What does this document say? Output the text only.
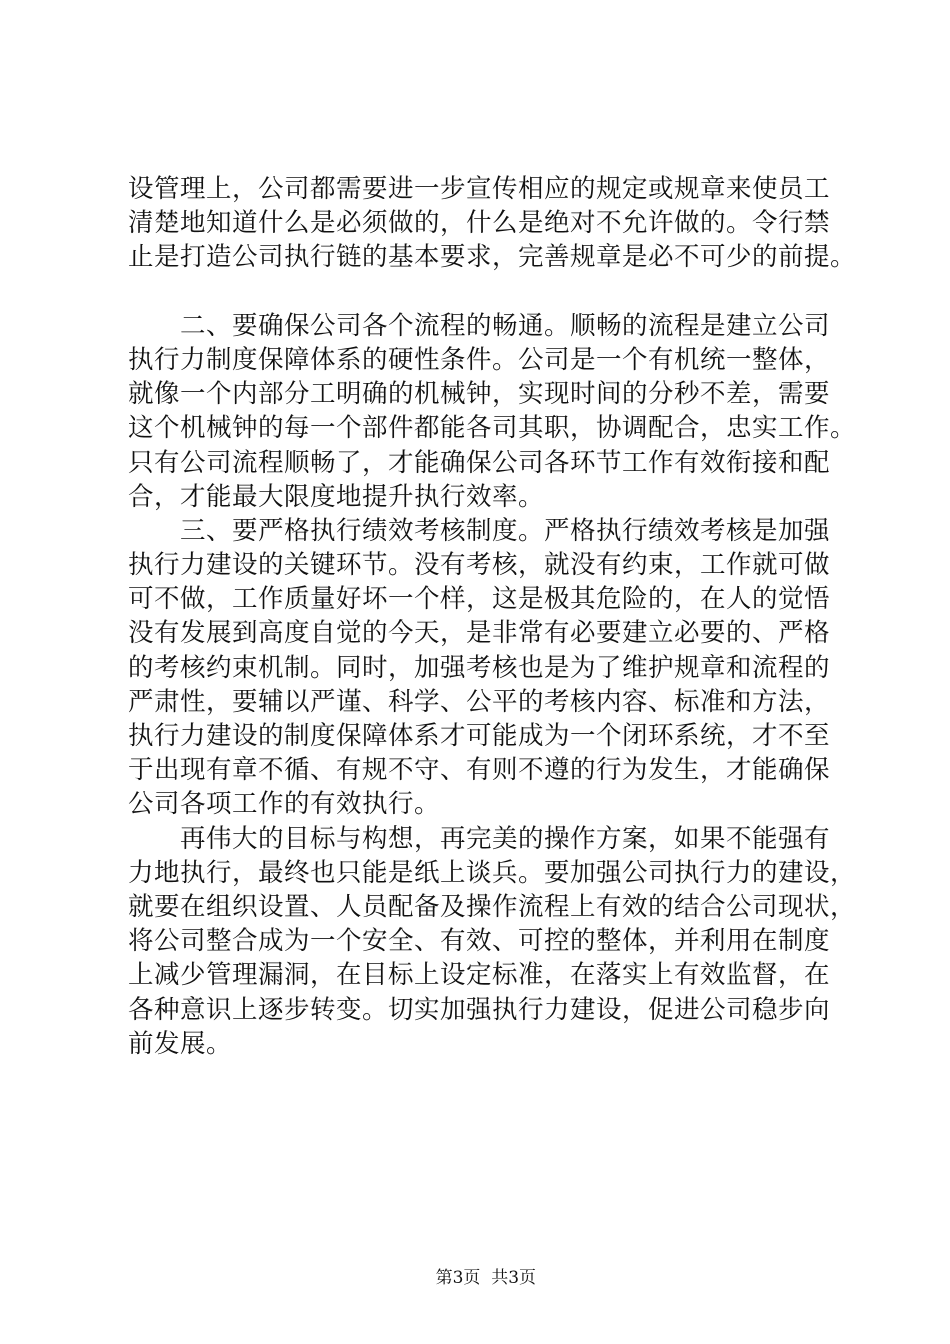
设管理上，公司都需要进一步宣传相应的规定或规章来使员工
清楚地知道什么是必须做的，什么是绝对不允许做的。令行禁
止是打造公司执行链的基本要求，完善规章是必不可少的前提。
　　二、要确保公司各个流程的畅通。顺畅的流程是建立公司
执行力制度保障体系的硬性条件。公司是一个有机统一整体，
就像一个内部分工明确的机械钟，实现时间的分秒不差，需要
这个机械钟的每一个部件都能各司其职，协调配合，忠实工作。
只有公司流程顺畅了，才能确保公司各环节工作有效衔接和配
合，才能最大限度地提升执行效率。
　　三、要严格执行绩效考核制度。严格执行绩效考核是加强
执行力建设的关键环节。没有考核，就没有约束，工作就可做
可不做，工作质量好坏一个样，这是极其危险的，在人的觉悟
没有发展到高度自觉的今天，是非常有必要建立必要的、严格
的考核约束机制。同时，加强考核也是为了维护规章和流程的
严肃性，要辅以严谨、科学、公平的考核内容、标准和方法，
执行力建设的制度保障体系才可能成为一个闭环系统，才不至
于出现有章不循、有规不守、有则不遵的行为发生，才能确保
公司各项工作的有效执行。
　　再伟大的目标与构想，再完美的操作方案，如果不能强有
力地执行，最终也只能是纸上谈兵。要加强公司执行力的建设，
就要在组织设置、人员配备及操作流程上有效的结合公司现状，
将公司整合成为一个安全、有效、可控的整体，并利用在制度
上减少管理漏洞，在目标上设定标准，在落实上有效监督，在
各种意识上逐步转变。切实加强执行力建设，促进公司稳步向
前发展。

第3页  共3页
